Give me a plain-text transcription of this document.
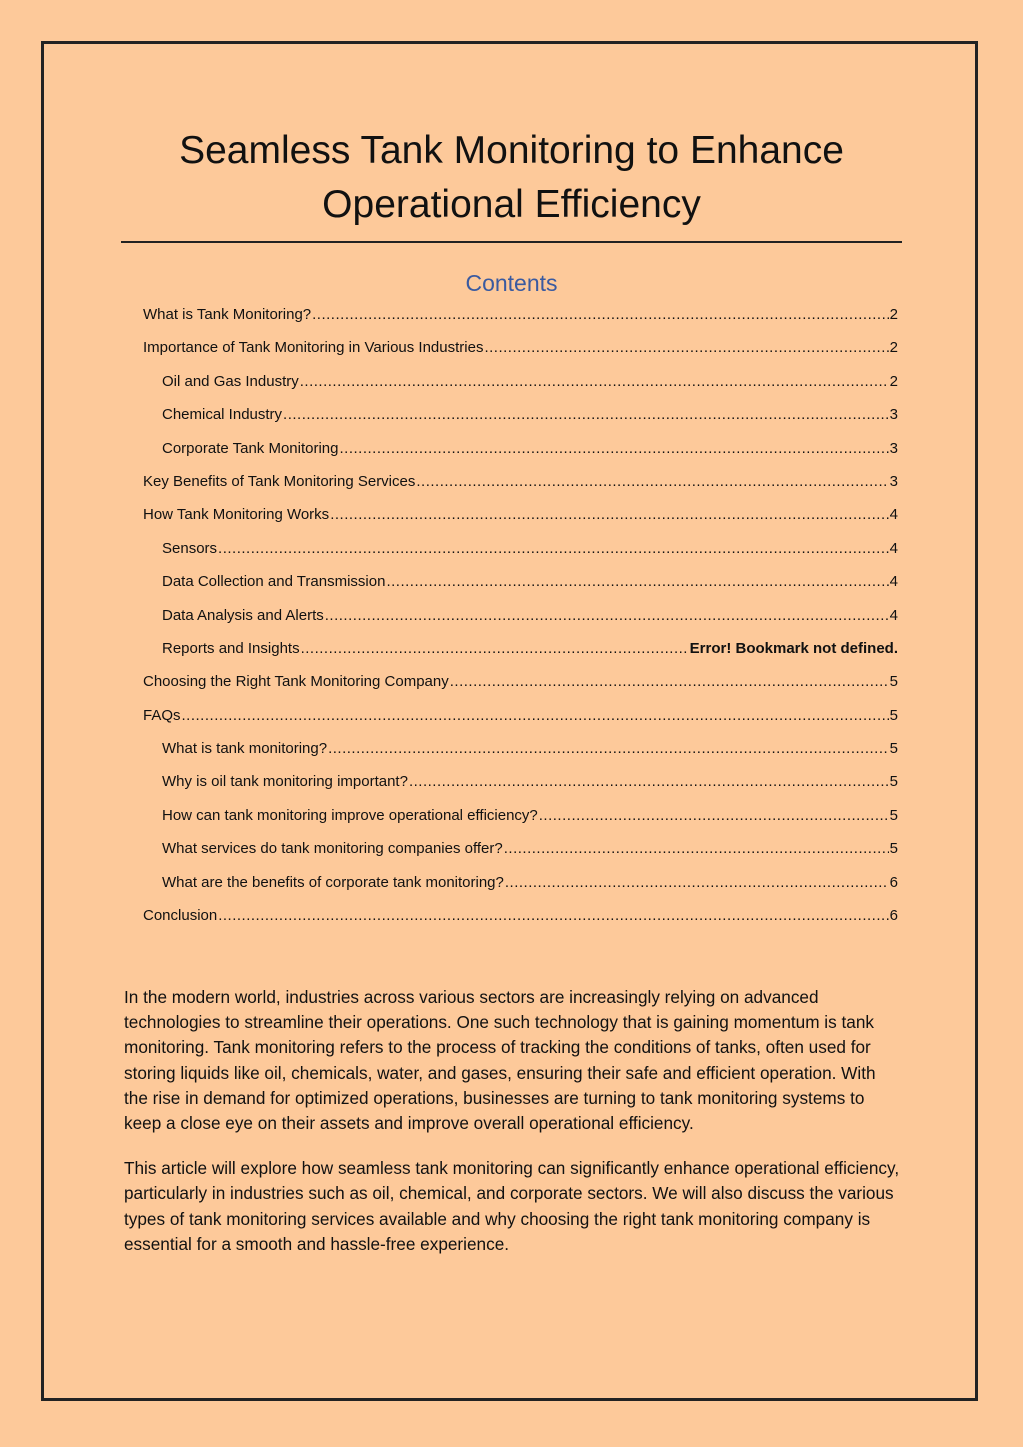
Seamless Tank Monitoring to Enhance Operational Efficiency
Contents
What is Tank Monitoring? .....	2
Importance of Tank Monitoring in Various Industries .....	2
Oil and Gas Industry .....	2
Chemical Industry .....	3
Corporate Tank Monitoring .....	3
Key Benefits of Tank Monitoring Services .....	3
How Tank Monitoring Works .....	4
Sensors .....	4
Data Collection and Transmission .....	4
Data Analysis and Alerts .....	4
Reports and Insights .....	Error! Bookmark not defined.
Choosing the Right Tank Monitoring Company .....	5
FAQs .....	5
What is tank monitoring? .....	5
Why is oil tank monitoring important? .....	5
How can tank monitoring improve operational efficiency? .....	5
What services do tank monitoring companies offer? .....	5
What are the benefits of corporate tank monitoring? .....	6
Conclusion .....	6

In the modern world, industries across various sectors are increasingly relying on advanced technologies to streamline their operations. One such technology that is gaining momentum is tank monitoring. Tank monitoring refers to the process of tracking the conditions of tanks, often used for storing liquids like oil, chemicals, water, and gases, ensuring their safe and efficient operation. With the rise in demand for optimized operations, businesses are turning to tank monitoring systems to keep a close eye on their assets and improve overall operational efficiency.

This article will explore how seamless tank monitoring can significantly enhance operational efficiency, particularly in industries such as oil, chemical, and corporate sectors. We will also discuss the various types of tank monitoring services available and why choosing the right tank monitoring company is essential for a smooth and hassle-free experience.
